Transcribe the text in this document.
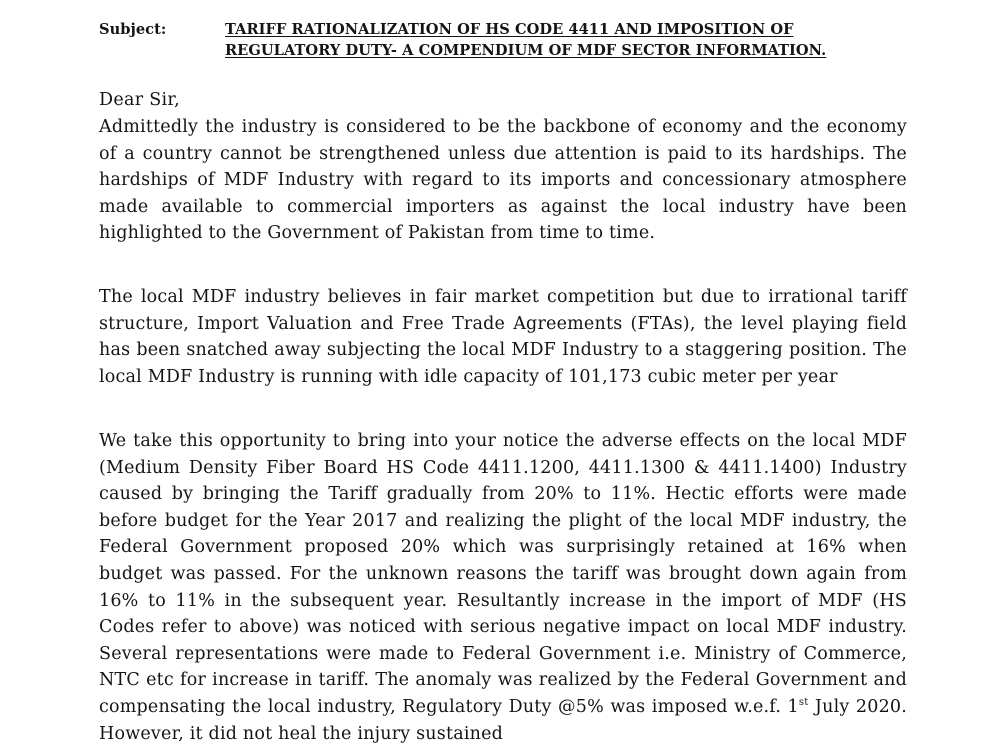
Subject:	TARIFF RATIONALIZATION OF HS CODE 4411 AND IMPOSITION OF REGULATORY DUTY- A COMPENDIUM OF MDF SECTOR INFORMATION.
Dear Sir,

Admittedly the industry is considered to be the backbone of economy and the economy of a country cannot be strengthened unless due attention is paid to its hardships. The hardships of MDF Industry with regard to its imports and concessionary atmosphere made available to commercial importers as against the local industry have been highlighted to the Government of Pakistan from time to time.

The local MDF industry believes in fair market competition but due to irrational tariff structure, Import Valuation and Free Trade Agreements (FTAs), the level playing field has been snatched away subjecting the local MDF Industry to a staggering position. The local MDF Industry is running with idle capacity of 101,173 cubic meter per year

We take this opportunity to bring into your notice the adverse effects on the local MDF (Medium Density Fiber Board HS Code 4411.1200, 4411.1300 & 4411.1400) Industry caused by bringing the Tariff gradually from 20% to 11%. Hectic efforts were made before budget for the Year 2017 and realizing the plight of the local MDF industry, the Federal Government proposed 20% which was surprisingly retained at 16% when budget was passed. For the unknown reasons the tariff was brought down again from 16% to 11% in the subsequent year. Resultantly increase in the import of MDF (HS Codes refer to above) was noticed with serious negative impact on local MDF industry. Several representations were made to Federal Government i.e. Ministry of Commerce, NTC etc for increase in tariff. The anomaly was realized by the Federal Government and compensating the local industry, Regulatory Duty @5% was imposed w.e.f. 1st July 2020. However, it did not heal the injury sustained
